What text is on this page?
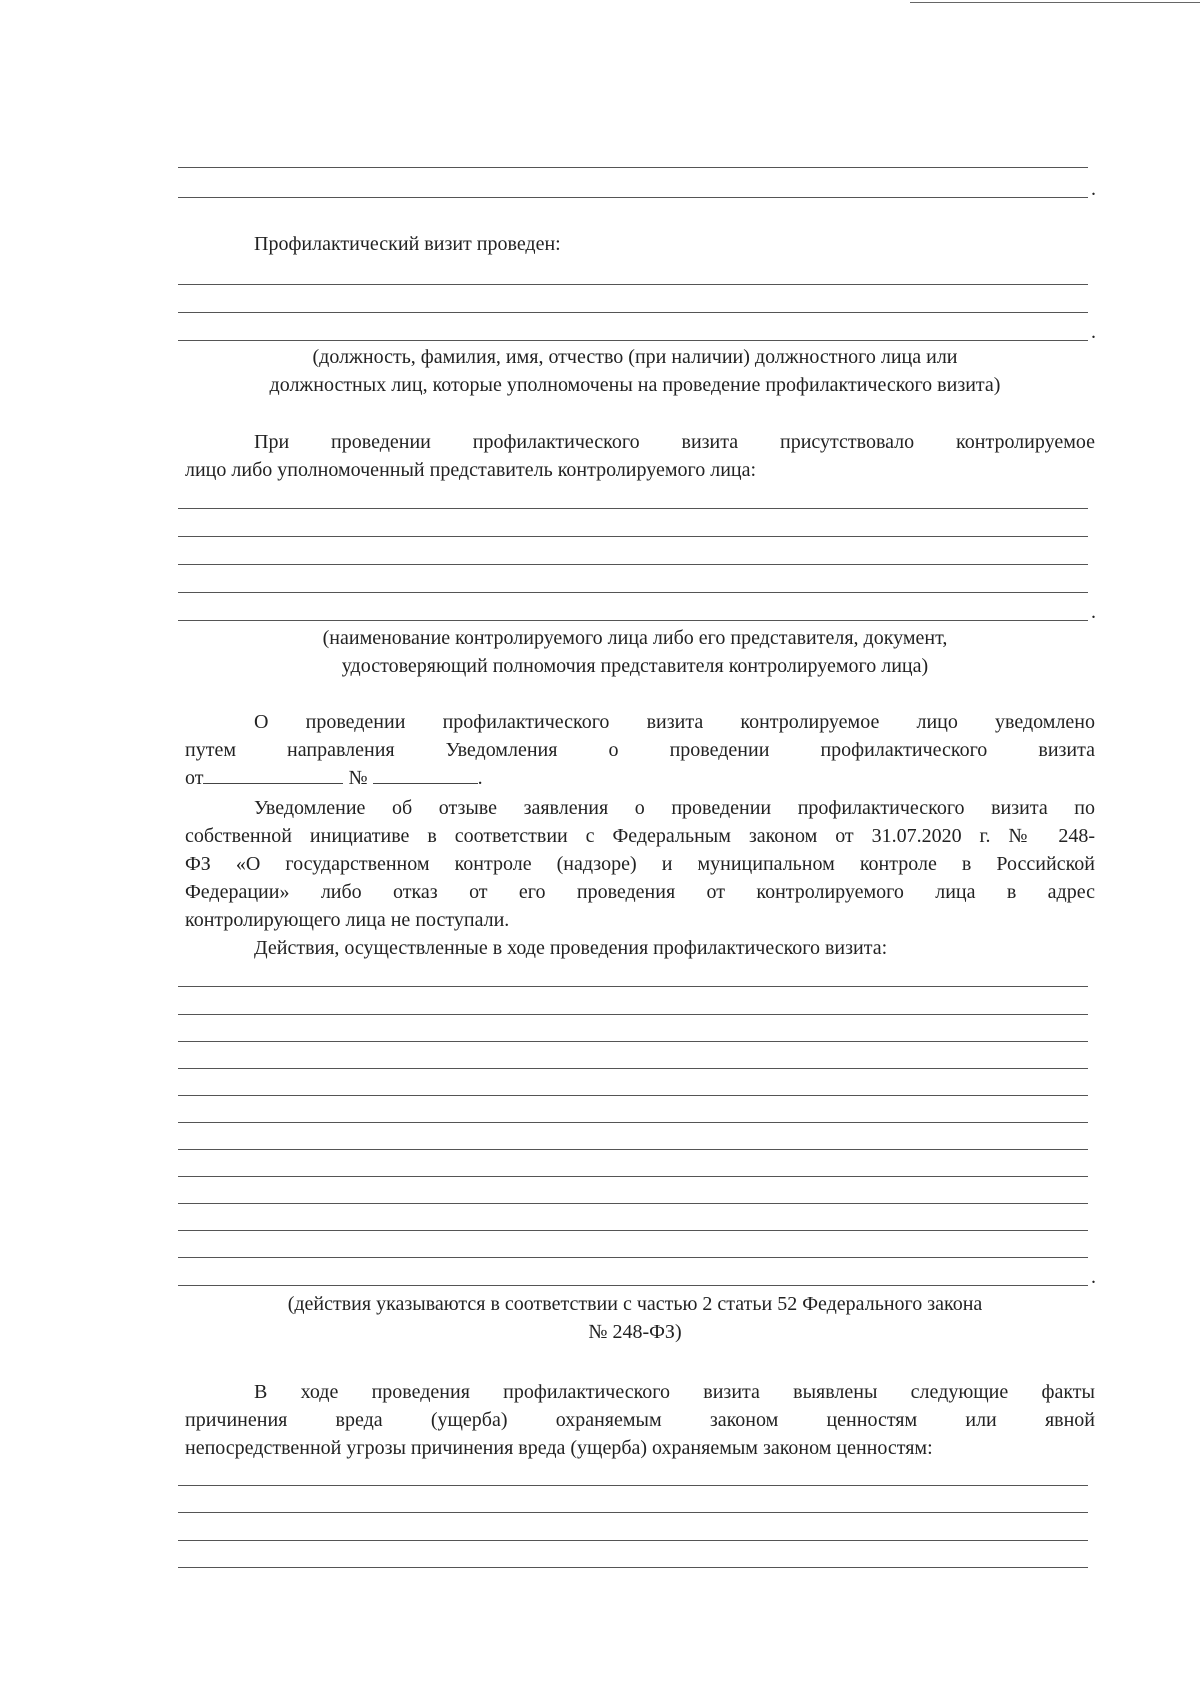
.
Профилактический визит проведен:
.
(должность, фамилия, имя, отчество (при наличии) должностного лица или
должностных лиц, которые уполномочены на проведение профилактического визита)
При проведении профилактического визита присутствовало контролируемое
лицо либо уполномоченный представитель контролируемого лица:
.
(наименование контролируемого лица либо его представителя, документ,
удостоверяющий полномочия представителя контролируемого лица)
О проведении профилактического визита контролируемое лицо уведомлено
путем направления Уведомления о проведении профилактического визита
от	№	.
Уведомление об отзыве заявления о проведении профилактического визита по
собственной инициативе в соответствии с Федеральным законом от 31.07.2020 г. № 248-
ФЗ «О государственном контроле (надзоре) и муниципальном контроле в Российской
Федерации» либо отказ от его проведения от контролируемого лица в адрес
контролирующего лица не поступали.
Действия, осуществленные в ходе проведения профилактического визита:
.
(действия указываются в соответствии с частью 2 статьи 52 Федерального закона
№ 248-ФЗ)
В ходе проведения профилактического визита выявлены следующие факты
причинения вреда (ущерба) охраняемым законом ценностям или явной
непосредственной угрозы причинения вреда (ущерба) охраняемым законом ценностям:
